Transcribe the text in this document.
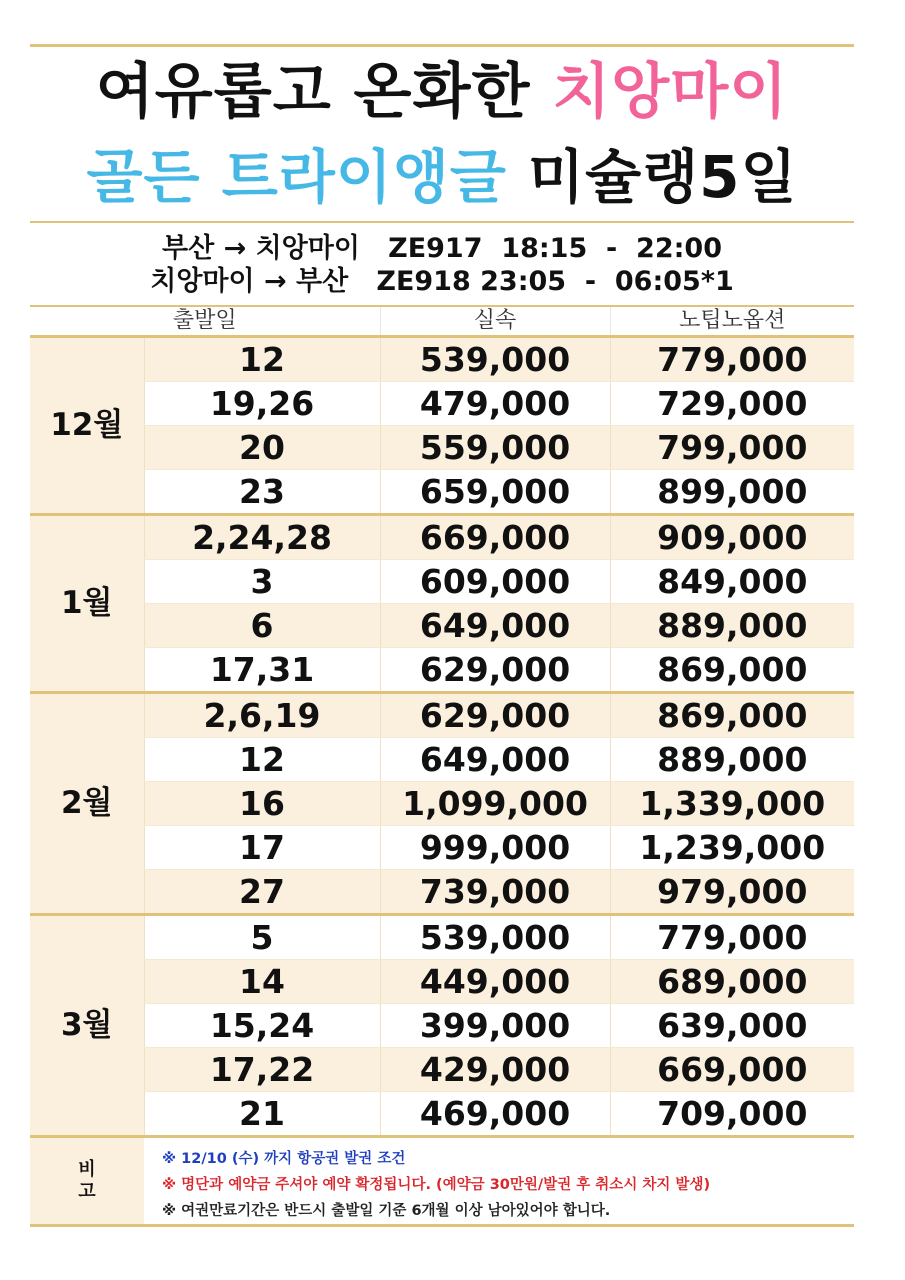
여유롭고 온화한 치앙마이
골든 트라이앵글 미슐랭5일
부산 → 치앙마이   ZE917  18:15  -  22:00
치앙마이 → 부산   ZE918 23:05  -  06:05*1
출발일		실속	노팁노옵션
12월	12	539,000	779,000
	19,26	479,000	729,000
	20	559,000	799,000
	23	659,000	899,000
1월	2,24,28	669,000	909,000
	3	609,000	849,000
	6	649,000	889,000
	17,31	629,000	869,000
2월	2,6,19	629,000	869,000
	12	649,000	889,000
	16	1,099,000	1,339,000
	17	999,000	1,239,000
	27	739,000	979,000
3월	5	539,000	779,000
	14	449,000	689,000
	15,24	399,000	639,000
	17,22	429,000	669,000
	21	469,000	709,000
비
고
※ 12/10 (수) 까지 항공권 발권 조건
※ 명단과 예약금 주셔야 예약 확정됩니다. (예약금 30만원/발권 후 취소시 차지 발생)
※ 여권만료기간은 반드시 출발일 기준 6개월 이상 남아있어야 합니다.
